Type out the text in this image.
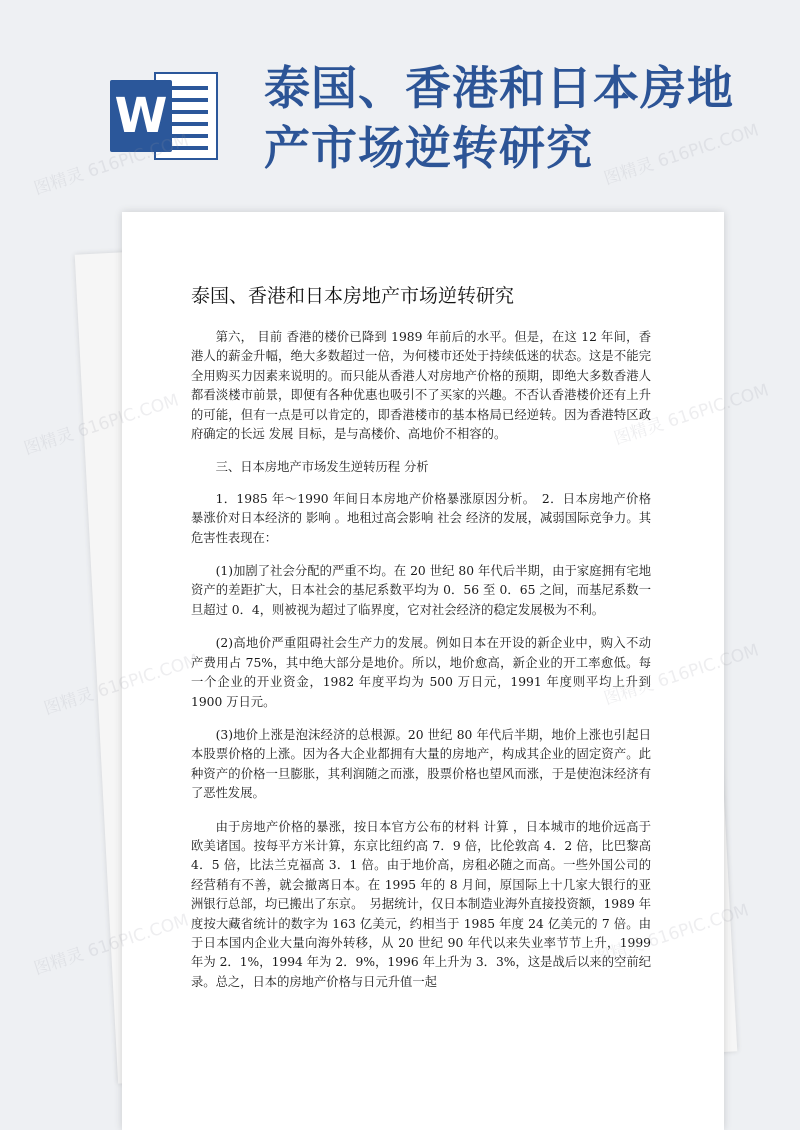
W 泰国、香港和日本房地产市场逆转研究
泰国、香港和日本房地产市场逆转研究

第六， 目前 香港的楼价已降到 1989 年前后的水平。但是，在这 12 年间，香港人的薪金升幅，绝大多数超过一倍，为何楼市还处于持续低迷的状态。这是不能完全用购买力因素来说明的。而只能从香港人对房地产价格的预期，即绝大多数香港人都看淡楼市前景，即便有各种优惠也吸引不了买家的兴趣。不否认香港楼价还有上升的可能，但有一点是可以肯定的，即香港楼市的基本格局已经逆转。因为香港特区政府确定的长远 发展 目标，是与高楼价、高地价不相容的。

三、日本房地产市场发生逆转历程 分析

1．1985 年～1990 年间日本房地产价格暴涨原因分析。　2．日本房地产价格暴涨价对日本经济的 影响 。地租过高会影响 社会 经济的发展，减弱国际竞争力。其危害性表现在：

(1)加剧了社会分配的严重不均。在 20 世纪 80 年代后半期，由于家庭拥有宅地资产的差距扩大，日本社会的基尼系数平均为 0．56 至 0．65 之间，而基尼系数一旦超过 0．4，则被视为超过了临界度，它对社会经济的稳定发展极为不利。

(2)高地价严重阻碍社会生产力的发展。例如日本在开设的新企业中，购入不动产费用占 75%，其中绝大部分是地价。所以，地价愈高，新企业的开工率愈低。每一个企业的开业资金，1982 年度平均为 500 万日元，1991 年度则平均上升到 1900 万日元。

(3)地价上涨是泡沫经济的总根源。20 世纪 80 年代后半期，地价上涨也引起日本股票价格的上涨。因为各大企业都拥有大量的房地产，构成其企业的固定资产。此种资产的价格一旦膨胀，其利润随之而涨，股票价格也望风而涨，于是使泡沫经济有了恶性发展。

由于房地产价格的暴涨，按日本官方公布的材料 计算 ，日本城市的地价远高于欧美诸国。按每平方米计算，东京比纽约高 7．9 倍，比伦敦高 4．2 倍，比巴黎高 4．5 倍，比法兰克福高 3．1 倍。由于地价高，房租必随之而高。一些外国公司的经营稍有不善，就会撤离日本。在 1995 年的 8 月间，原国际上十几家大银行的亚洲银行总部，均已搬出了东京。　另据统计，仅日本制造业海外直接投资额，1989 年度按大藏省统计的数字为 163 亿美元，约相当于 1985 年度 24 亿美元的 7 倍。由于日本国内企业大量向海外转移，从 20 世纪 90 年代以来失业率节节上升，1999 年为 2．1%，1994 年为 2．9%，1996 年上升为 3．3%，这是战后以来的空前纪录。总之，日本的房地产价格与日元升值一起

图精灵 616PIC.COM	图精灵 616PIC.COM
图精灵
图精灵
图精灵
